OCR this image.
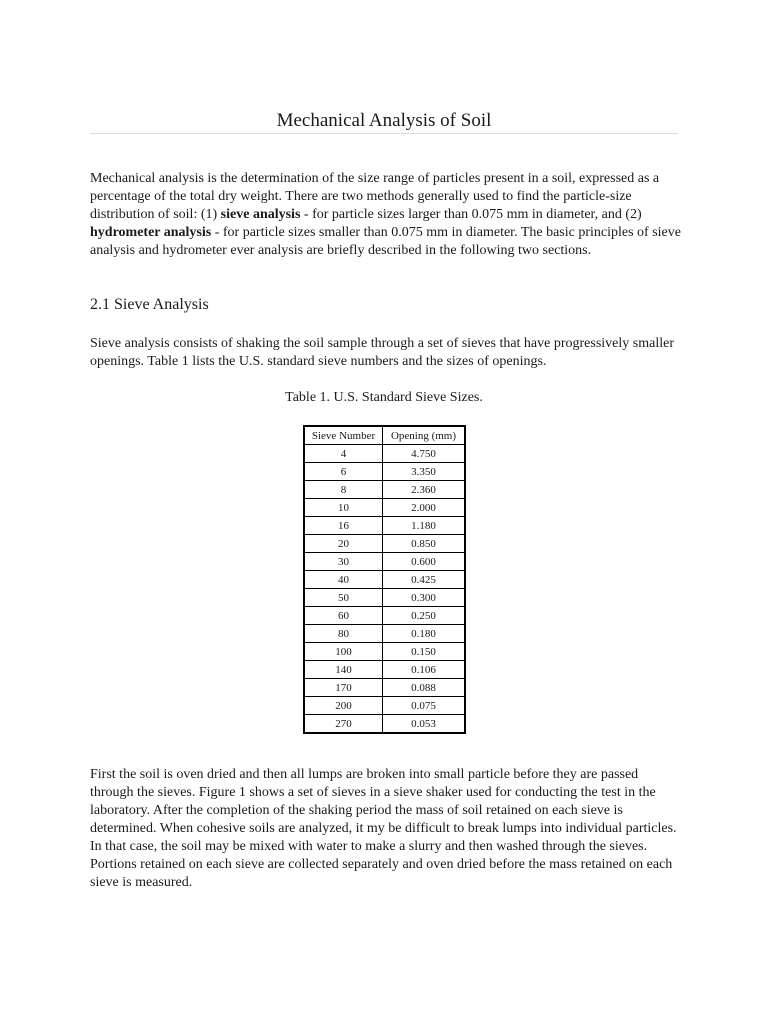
Mechanical Analysis of Soil

Mechanical analysis is the determination of the size range of particles present in a soil, expressed as a percentage of the total dry weight. There are two methods generally used to find the particle-size distribution of soil: (1) sieve analysis - for particle sizes larger than 0.075 mm in diameter, and (2) hydrometer analysis - for particle sizes smaller than 0.075 mm in diameter. The basic principles of sieve analysis and hydrometer ever analysis are briefly described in the following two sections.

2.1 Sieve Analysis

Sieve analysis consists of shaking the soil sample through a set of sieves that have progressively smaller openings. Table 1 lists the U.S. standard sieve numbers and the sizes of openings.

Table 1. U.S. Standard Sieve Sizes.

Sieve Number	Opening (mm)
4	4.750
6	3.350
8	2.360
10	2.000
16	1.180
20	0.850
30	0.600
40	0.425
50	0.300
60	0.250
80	0.180
100	0.150
140	0.106
170	0.088
200	0.075
270	0.053

First the soil is oven dried and then all lumps are broken into small particle before they are passed through the sieves. Figure 1 shows a set of sieves in a sieve shaker used for conducting the test in the laboratory. After the completion of the shaking period the mass of soil retained on each sieve is determined. When cohesive soils are analyzed, it my be difficult to break lumps into individual particles. In that case, the soil may be mixed with water to make a slurry and then washed through the sieves. Portions retained on each sieve are collected separately and oven dried before the mass retained on each sieve is measured.
